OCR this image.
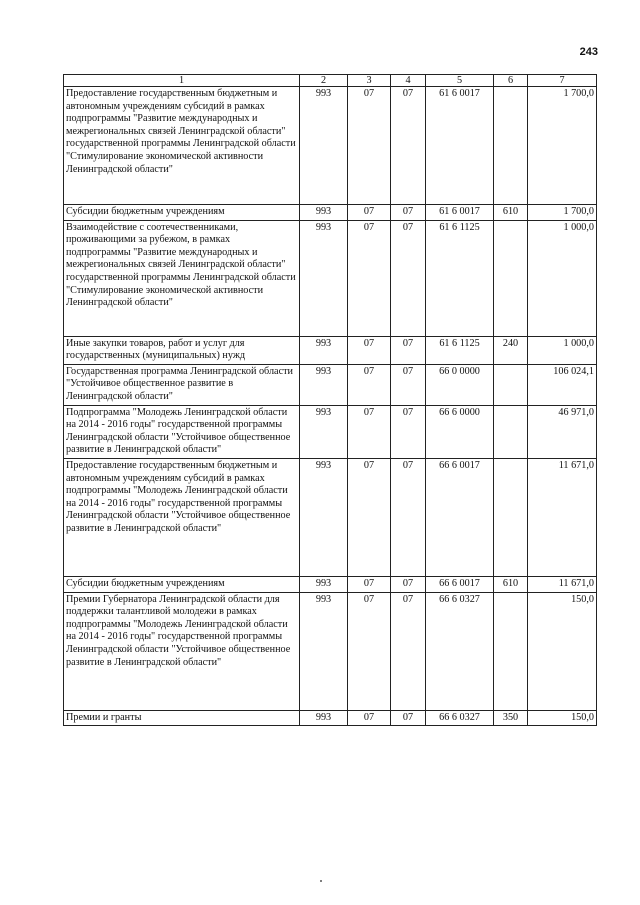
243
1	2	3	4	5	6	7
Предоставление государственным бюджетным и автономным учреждениям субсидий в рамках подпрограммы "Развитие международных и межрегиональных связей Ленинградской области" государственной программы Ленинградской области "Стимулирование экономической активности Ленинградской области"	993	07	07	61 6 0017		1 700,0
Субсидии бюджетным учреждениям	993	07	07	61 6 0017	610	1 700,0
Взаимодействие с соотечественниками, проживающими за рубежом, в рамках подпрограммы "Развитие международных и межрегиональных связей Ленинградской области" государственной программы Ленинградской области "Стимулирование экономической активности Ленинградской области"	993	07	07	61 6 1125		1 000,0
Иные закупки товаров, работ и услуг для государственных (муниципальных) нужд	993	07	07	61 6 1125	240	1 000,0
Государственная программа Ленинградской области "Устойчивое общественное развитие в Ленинградской области"	993	07	07	66 0 0000		106 024,1
Подпрограмма "Молодежь Ленинградской области на 2014 - 2016 годы" государственной программы Ленинградской области "Устойчивое общественное развитие в Ленинградской области"	993	07	07	66 6 0000		46 971,0
Предоставление государственным бюджетным и автономным учреждениям субсидий в рамках подпрограммы "Молодежь Ленинградской области на 2014 - 2016 годы" государственной программы Ленинградской области "Устойчивое общественное развитие в Ленинградской области"	993	07	07	66 6 0017		11 671,0
Субсидии бюджетным учреждениям	993	07	07	66 6 0017	610	11 671,0
Премии Губернатора Ленинградской области для поддержки талантливой молодежи в рамках подпрограммы "Молодежь Ленинградской области на 2014 - 2016 годы" государственной программы Ленинградской области "Устойчивое общественное развитие в Ленинградской области"	993	07	07	66 6 0327		150,0
Премии и гранты	993	07	07	66 6 0327	350	150,0
